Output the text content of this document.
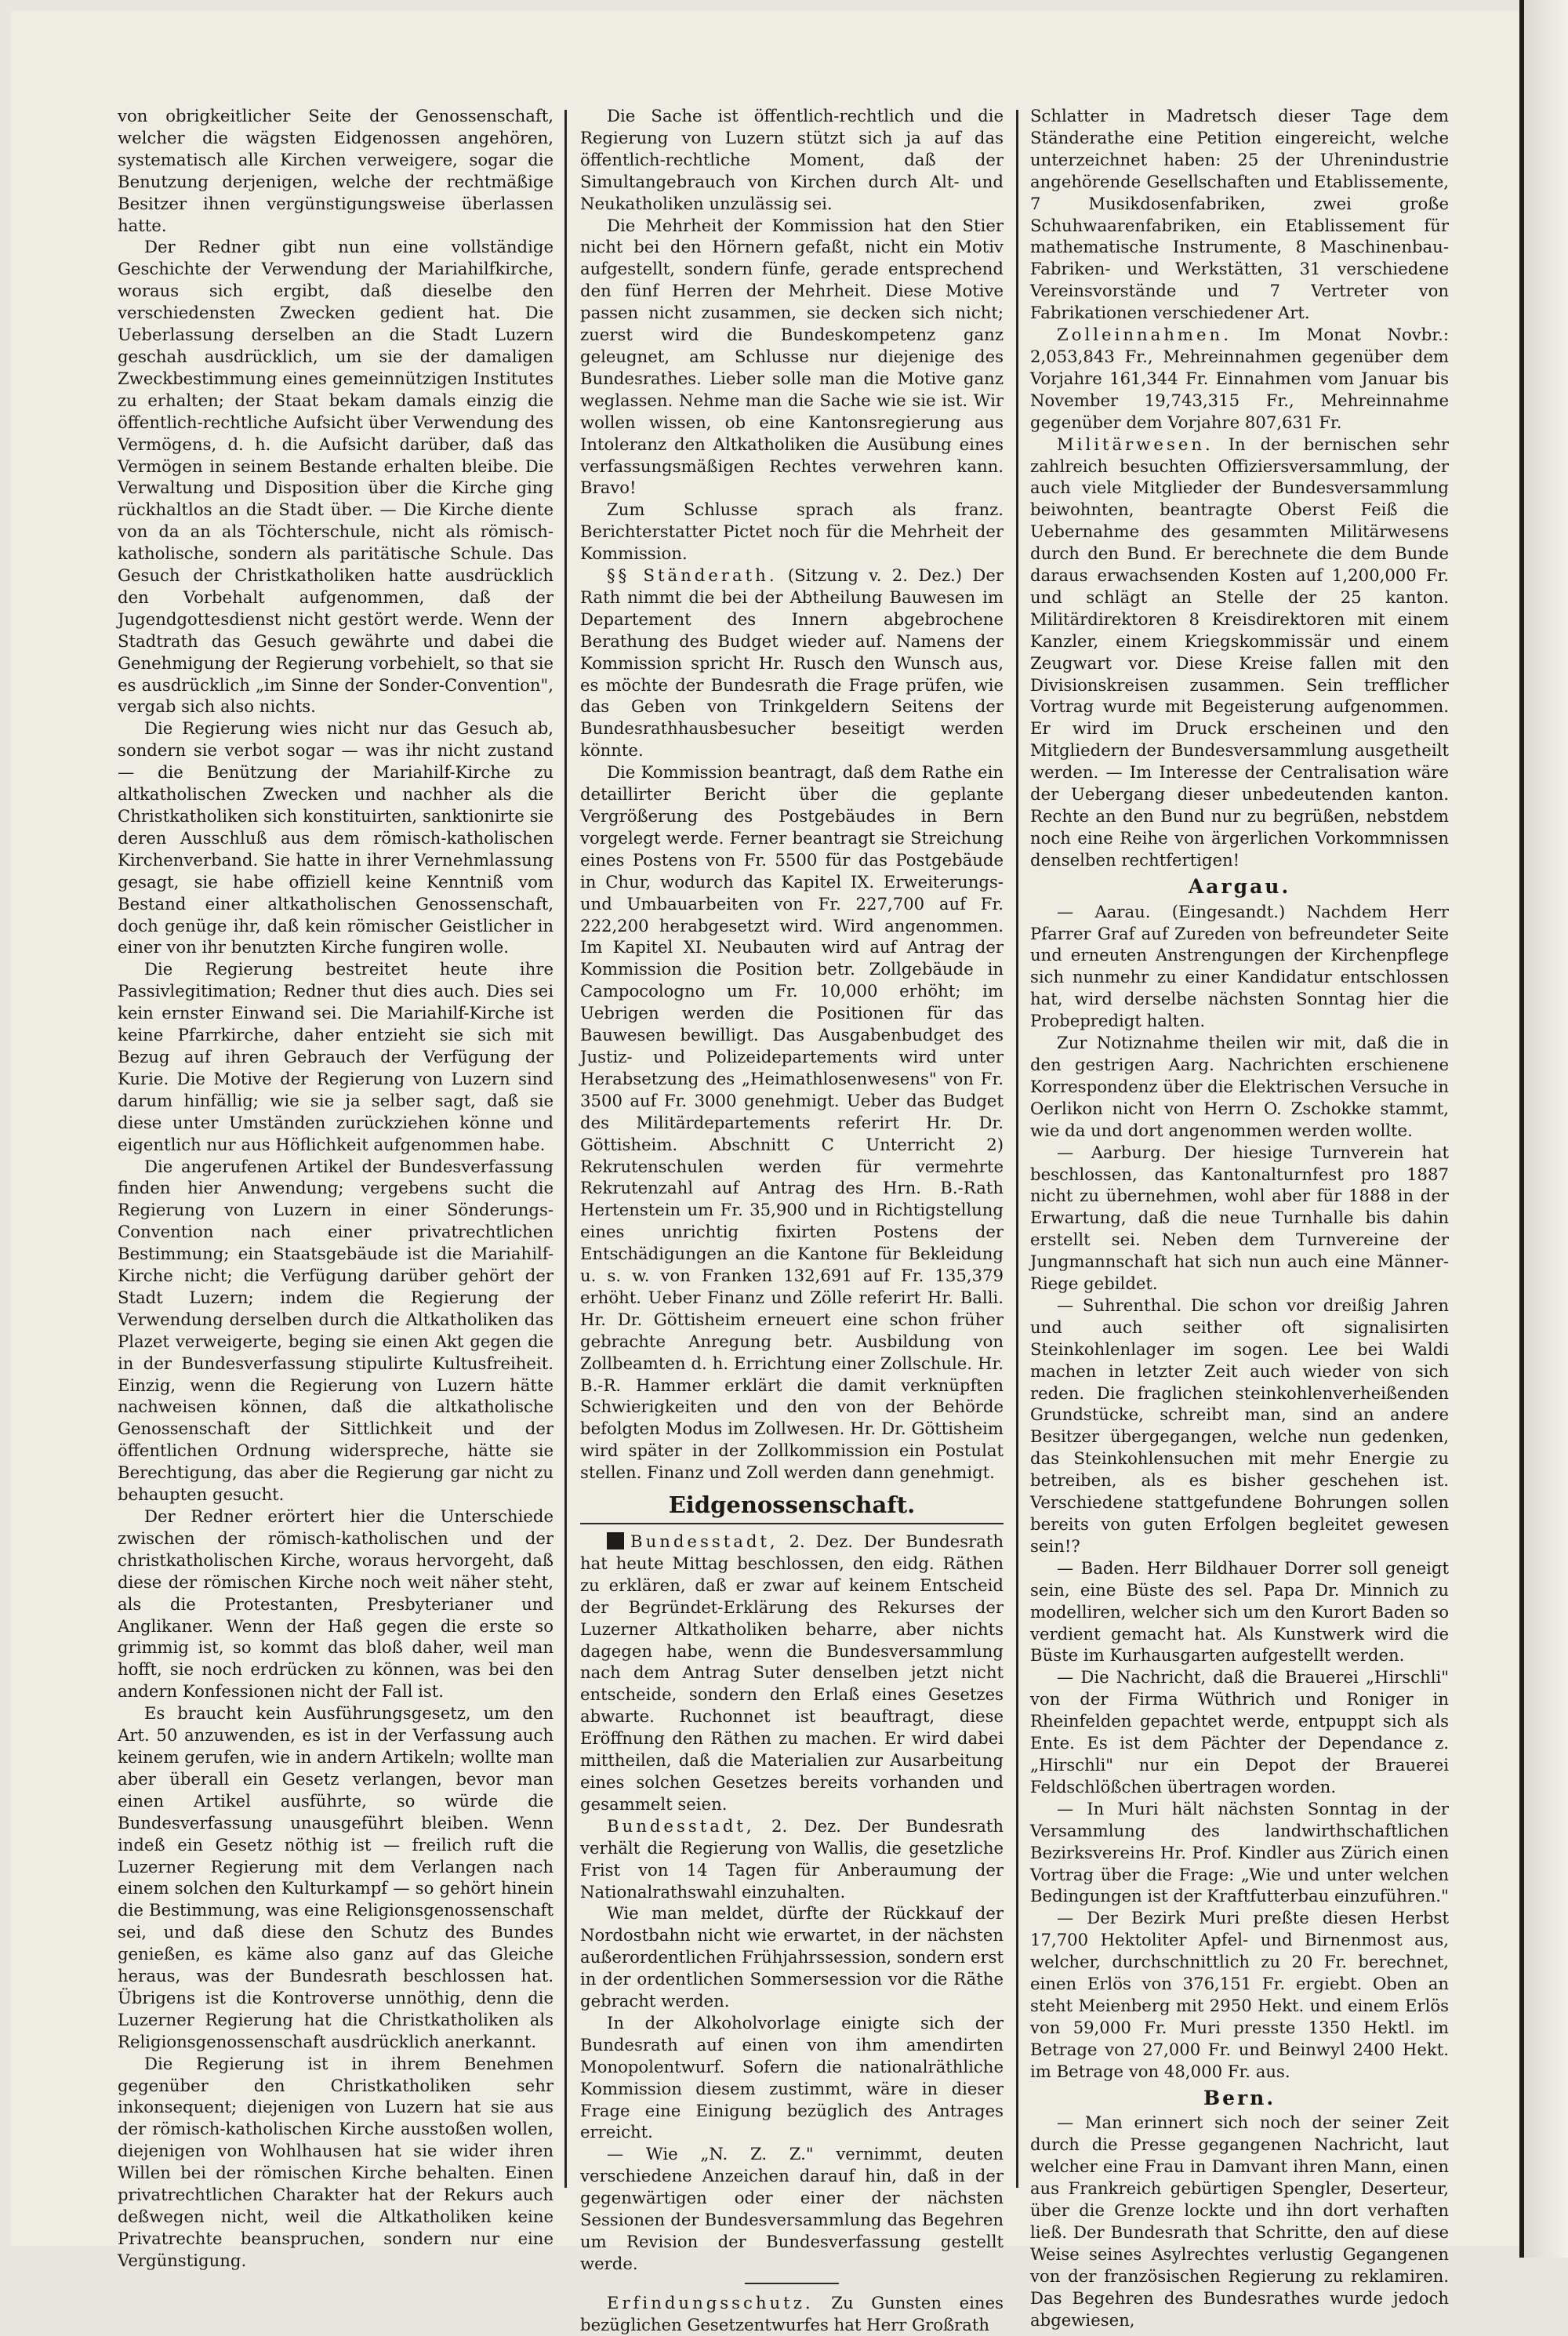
von obrigkeitlicher Seite der Genossenschaft, welcher die wägsten Eidgenossen angehören, systematisch alle Kirchen verweigere, sogar die Benutzung derjenigen, welche der rechtmäßige Besitzer ihnen vergünstigungsweise überlassen hatte.

Der Redner gibt nun eine vollständige Geschichte der Verwendung der Mariahilfkirche, woraus sich ergibt, daß dieselbe den verschiedensten Zwecken gedient hat. Die Ueberlassung derselben an die Stadt Luzern geschah ausdrücklich, um sie der damaligen Zweckbestimmung eines gemeinnützigen Institutes zu erhalten; der Staat bekam damals einzig die öffentlich-rechtliche Aufsicht über Verwendung des Vermögens, d. h. die Aufsicht darüber, daß das Vermögen in seinem Bestande erhalten bleibe. Die Verwaltung und Disposition über die Kirche ging rückhaltlos an die Stadt über. — Die Kirche diente von da an als Töchterschule, nicht als römisch-katholische, sondern als paritätische Schule. Das Gesuch der Christkatholiken hatte ausdrücklich den Vorbehalt aufgenommen, daß der Jugendgottesdienst nicht gestört werde. Wenn der Stadtrath das Gesuch gewährte und dabei die Genehmigung der Regierung vorbehielt, so that sie es ausdrücklich „im Sinne der Sonder-Convention", vergab sich also nichts.

Die Regierung wies nicht nur das Gesuch ab, sondern sie verbot sogar — was ihr nicht zustand — die Benützung der Mariahilf-Kirche zu altkatholischen Zwecken und nachher als die Christkatholiken sich konstituirten, sanktionirte sie deren Ausschluß aus dem römisch-katholischen Kirchenverband. Sie hatte in ihrer Vernehmlassung gesagt, sie habe offiziell keine Kenntniß vom Bestand einer altkatholischen Genossenschaft, doch genüge ihr, daß kein römischer Geistlicher in einer von ihr benutzten Kirche fungiren wolle.

Die Regierung bestreitet heute ihre Passivlegitimation; Redner thut dies auch. Dies sei kein ernster Einwand sei. Die Mariahilf-Kirche ist keine Pfarrkirche, daher entzieht sie sich mit Bezug auf ihren Gebrauch der Verfügung der Kurie. Die Motive der Regierung von Luzern sind darum hinfällig; wie sie ja selber sagt, daß sie diese unter Umständen zurückziehen könne und eigentlich nur aus Höflichkeit aufgenommen habe.

Die angerufenen Artikel der Bundesverfassung finden hier Anwendung; vergebens sucht die Regierung von Luzern in einer Sönderungs-Convention nach einer privatrechtlichen Bestimmung; ein Staatsgebäude ist die Mariahilf-Kirche nicht; die Verfügung darüber gehört der Stadt Luzern; indem die Regierung der Verwendung derselben durch die Altkatholiken das Plazet verweigerte, beging sie einen Akt gegen die in der Bundesverfassung stipulirte Kultusfreiheit. Einzig, wenn die Regierung von Luzern hätte nachweisen können, daß die altkatholische Genossenschaft der Sittlichkeit und der öffentlichen Ordnung widerspreche, hätte sie Berechtigung, das aber die Regierung gar nicht zu behaupten gesucht.

Der Redner erörtert hier die Unterschiede zwischen der römisch-katholischen und der christkatholischen Kirche, woraus hervorgeht, daß diese der römischen Kirche noch weit näher steht, als die Protestanten, Presbyterianer und Anglikaner. Wenn der Haß gegen die erste so grimmig ist, so kommt das bloß daher, weil man hofft, sie noch erdrücken zu können, was bei den andern Konfessionen nicht der Fall ist.

Es braucht kein Ausführungsgesetz, um den Art. 50 anzuwenden, es ist in der Verfassung auch keinem gerufen, wie in andern Artikeln; wollte man aber überall ein Gesetz verlangen, bevor man einen Artikel ausführte, so würde die Bundesverfassung unausgeführt bleiben. Wenn indeß ein Gesetz nöthig ist — freilich ruft die Luzerner Regierung mit dem Verlangen nach einem solchen den Kulturkampf — so gehört hinein die Bestimmung, was eine Religionsgenossenschaft sei, und daß diese den Schutz des Bundes genießen, es käme also ganz auf das Gleiche heraus, was der Bundesrath beschlossen hat. Übrigens ist die Kontroverse unnöthig, denn die Luzerner Regierung hat die Christkatholiken als Religionsgenossenschaft ausdrücklich anerkannt.

Die Regierung ist in ihrem Benehmen gegenüber den Christkatholiken sehr inkonsequent; diejenigen von Luzern hat sie aus der römisch-katholischen Kirche ausstoßen wollen, diejenigen von Wohlhausen hat sie wider ihren Willen bei der römischen Kirche behalten. Einen privatrechtlichen Charakter hat der Rekurs auch deßwegen nicht, weil die Altkatholiken keine Privatrechte beanspruchen, sondern nur eine Vergünstigung.

Die Sache ist öffentlich-rechtlich und die Regierung von Luzern stützt sich ja auf das öffentlich-rechtliche Moment, daß der Simultangebrauch von Kirchen durch Alt- und Neukatholiken unzulässig sei.

Die Mehrheit der Kommission hat den Stier nicht bei den Hörnern gefaßt, nicht ein Motiv aufgestellt, sondern fünfe, gerade entsprechend den fünf Herren der Mehrheit. Diese Motive passen nicht zusammen, sie decken sich nicht; zuerst wird die Bundeskompetenz ganz geleugnet, am Schlusse nur diejenige des Bundesrathes. Lieber solle man die Motive ganz weglassen. Nehme man die Sache wie sie ist. Wir wollen wissen, ob eine Kantonsregierung aus Intoleranz den Altkatholiken die Ausübung eines verfassungsmäßigen Rechtes verwehren kann. Bravo!

Zum Schlusse sprach als franz. Berichterstatter Pictet noch für die Mehrheit der Kommission.

§§ Ständerath. (Sitzung v. 2. Dez.) Der Rath nimmt die bei der Abtheilung Bauwesen im Departement des Innern abgebrochene Berathung des Budget wieder auf. Namens der Kommission spricht Hr. Rusch den Wunsch aus, es möchte der Bundesrath die Frage prüfen, wie das Geben von Trinkgeldern Seitens der Bundesrathhausbesucher beseitigt werden könnte.

Die Kommission beantragt, daß dem Rathe ein detaillirter Bericht über die geplante Vergrößerung des Postgebäudes in Bern vorgelegt werde. Ferner beantragt sie Streichung eines Postens von Fr. 5500 für das Postgebäude in Chur, wodurch das Kapitel IX. Erweiterungs- und Umbauarbeiten von Fr. 227,700 auf Fr. 222,200 herabgesetzt wird. Wird angenommen. Im Kapitel XI. Neubauten wird auf Antrag der Kommission die Position betr. Zollgebäude in Campocologno um Fr. 10,000 erhöht; im Uebrigen werden die Positionen für das Bauwesen bewilligt. Das Ausgabenbudget des Justiz- und Polizeidepartements wird unter Herabsetzung des „Heimathlosenwesens" von Fr. 3500 auf Fr. 3000 genehmigt. Ueber das Budget des Militärdepartements referirt Hr. Dr. Göttisheim. Abschnitt C Unterricht 2) Rekrutenschulen werden für vermehrte Rekrutenzahl auf Antrag des Hrn. B.-Rath Hertenstein um Fr. 35,900 und in Richtigstellung eines unrichtig fixirten Postens der Entschädigungen an die Kantone für Bekleidung u. s. w. von Franken 132,691 auf Fr. 135,379 erhöht. Ueber Finanz und Zölle referirt Hr. Balli. Hr. Dr. Göttisheim erneuert eine schon früher gebrachte Anregung betr. Ausbildung von Zollbeamten d. h. Errichtung einer Zollschule. Hr. B.-R. Hammer erklärt die damit verknüpften Schwierigkeiten und den von der Behörde befolgten Modus im Zollwesen. Hr. Dr. Göttisheim wird später in der Zollkommission ein Postulat stellen. Finanz und Zoll werden dann genehmigt.

Eidgenossenschaft.

Bundesstadt, 2. Dez. Der Bundesrath hat heute Mittag beschlossen, den eidg. Räthen zu erklären, daß er zwar auf keinem Entscheid der Begründet-Erklärung des Rekurses der Luzerner Altkatholiken beharre, aber nichts dagegen habe, wenn die Bundesversammlung nach dem Antrag Suter denselben jetzt nicht entscheide, sondern den Erlaß eines Gesetzes abwarte. Ruchonnet ist beauftragt, diese Eröffnung den Räthen zu machen. Er wird dabei mittheilen, daß die Materialien zur Ausarbeitung eines solchen Gesetzes bereits vorhanden und gesammelt seien.

Bundesstadt, 2. Dez. Der Bundesrath verhält die Regierung von Wallis, die gesetzliche Frist von 14 Tagen für Anberaumung der Nationalrathswahl einzuhalten.

Wie man meldet, dürfte der Rückkauf der Nordostbahn nicht wie erwartet, in der nächsten außerordentlichen Frühjahrssession, sondern erst in der ordentlichen Sommersession vor die Räthe gebracht werden.

In der Alkoholvorlage einigte sich der Bundesrath auf einen von ihm amendirten Monopolentwurf. Sofern die nationalräthliche Kommission diesem zustimmt, wäre in dieser Frage eine Einigung bezüglich des Antrages erreicht.

— Wie „N. Z. Z." vernimmt, deuten verschiedene Anzeichen darauf hin, daß in der gegenwärtigen oder einer der nächsten Sessionen der Bundesversammlung das Begehren um Revision der Bundesverfassung gestellt werde.

Erfindungsschutz. Zu Gunsten eines bezüglichen Gesetzentwurfes hat Herr Großrath

Schlatter in Madretsch dieser Tage dem Ständerathe eine Petition eingereicht, welche unterzeichnet haben: 25 der Uhrenindustrie angehörende Gesellschaften und Etablissemente, 7 Musikdosenfabriken, zwei große Schuhwaarenfabriken, ein Etablissement für mathematische Instrumente, 8 Maschinenbau-Fabriken- und Werkstätten, 31 verschiedene Vereinsvorstände und 7 Vertreter von Fabrikationen verschiedener Art.

Zolleinnahmen. Im Monat Novbr.: 2,053,843 Fr., Mehreinnahmen gegenüber dem Vorjahre 161,344 Fr. Einnahmen vom Januar bis November 19,743,315 Fr., Mehreinnahme gegenüber dem Vorjahre 807,631 Fr.

Militärwesen. In der bernischen sehr zahlreich besuchten Offiziersversammlung, der auch viele Mitglieder der Bundesversammlung beiwohnten, beantragte Oberst Feiß die Uebernahme des gesammten Militärwesens durch den Bund. Er berechnete die dem Bunde daraus erwachsenden Kosten auf 1,200,000 Fr. und schlägt an Stelle der 25 kanton. Militärdirektoren 8 Kreisdirektoren mit einem Kanzler, einem Kriegskommissär und einem Zeugwart vor. Diese Kreise fallen mit den Divisionskreisen zusammen. Sein trefflicher Vortrag wurde mit Begeisterung aufgenommen. Er wird im Druck erscheinen und den Mitgliedern der Bundesversammlung ausgetheilt werden. — Im Interesse der Centralisation wäre der Uebergang dieser unbedeutenden kanton. Rechte an den Bund nur zu begrüßen, nebstdem noch eine Reihe von ärgerlichen Vorkommnissen denselben rechtfertigen!

Aargau.

— Aarau. (Eingesandt.) Nachdem Herr Pfarrer Graf auf Zureden von befreundeter Seite und erneuten Anstrengungen der Kirchenpflege sich nunmehr zu einer Kandidatur entschlossen hat, wird derselbe nächsten Sonntag hier die Probepredigt halten.

Zur Notiznahme theilen wir mit, daß die in den gestrigen Aarg. Nachrichten erschienene Korrespondenz über die Elektrischen Versuche in Oerlikon nicht von Herrn O. Zschokke stammt, wie da und dort angenommen werden wollte.

— Aarburg. Der hiesige Turnverein hat beschlossen, das Kantonalturnfest pro 1887 nicht zu übernehmen, wohl aber für 1888 in der Erwartung, daß die neue Turnhalle bis dahin erstellt sei. Neben dem Turnvereine der Jungmannschaft hat sich nun auch eine Männer-Riege gebildet.

— Suhrenthal. Die schon vor dreißig Jahren und auch seither oft signalisirten Steinkohlenlager im sogen. Lee bei Waldi machen in letzter Zeit auch wieder von sich reden. Die fraglichen steinkohlenverheißenden Grundstücke, schreibt man, sind an andere Besitzer übergegangen, welche nun gedenken, das Steinkohlensuchen mit mehr Energie zu betreiben, als es bisher geschehen ist. Verschiedene stattgefundene Bohrungen sollen bereits von guten Erfolgen begleitet gewesen sein!?

— Baden. Herr Bildhauer Dorrer soll geneigt sein, eine Büste des sel. Papa Dr. Minnich zu modelliren, welcher sich um den Kurort Baden so verdient gemacht hat. Als Kunstwerk wird die Büste im Kurhausgarten aufgestellt werden.

— Die Nachricht, daß die Brauerei „Hirschli" von der Firma Wüthrich und Roniger in Rheinfelden gepachtet werde, entpuppt sich als Ente. Es ist dem Pächter der Dependance z. „Hirschli" nur ein Depot der Brauerei Feldschlößchen übertragen worden.

— In Muri hält nächsten Sonntag in der Versammlung des landwirthschaftlichen Bezirksvereins Hr. Prof. Kindler aus Zürich einen Vortrag über die Frage: „Wie und unter welchen Bedingungen ist der Kraftfutterbau einzuführen."

— Der Bezirk Muri preßte diesen Herbst 17,700 Hektoliter Apfel- und Birnenmost aus, welcher, durchschnittlich zu 20 Fr. berechnet, einen Erlös von 376,151 Fr. ergiebt. Oben an steht Meienberg mit 2950 Hekt. und einem Erlös von 59,000 Fr. Muri presste 1350 Hektl. im Betrage von 27,000 Fr. und Beinwyl 2400 Hekt. im Betrage von 48,000 Fr. aus.

Bern.

— Man erinnert sich noch der seiner Zeit durch die Presse gegangenen Nachricht, laut welcher eine Frau in Damvant ihren Mann, einen aus Frankreich gebürtigen Spengler, Deserteur, über die Grenze lockte und ihn dort verhaften ließ. Der Bundesrath that Schritte, den auf diese Weise seines Asylrechtes verlustig Gegangenen von der französischen Regierung zu reklamiren. Das Begehren des Bundesrathes wurde jedoch abgewiesen,
